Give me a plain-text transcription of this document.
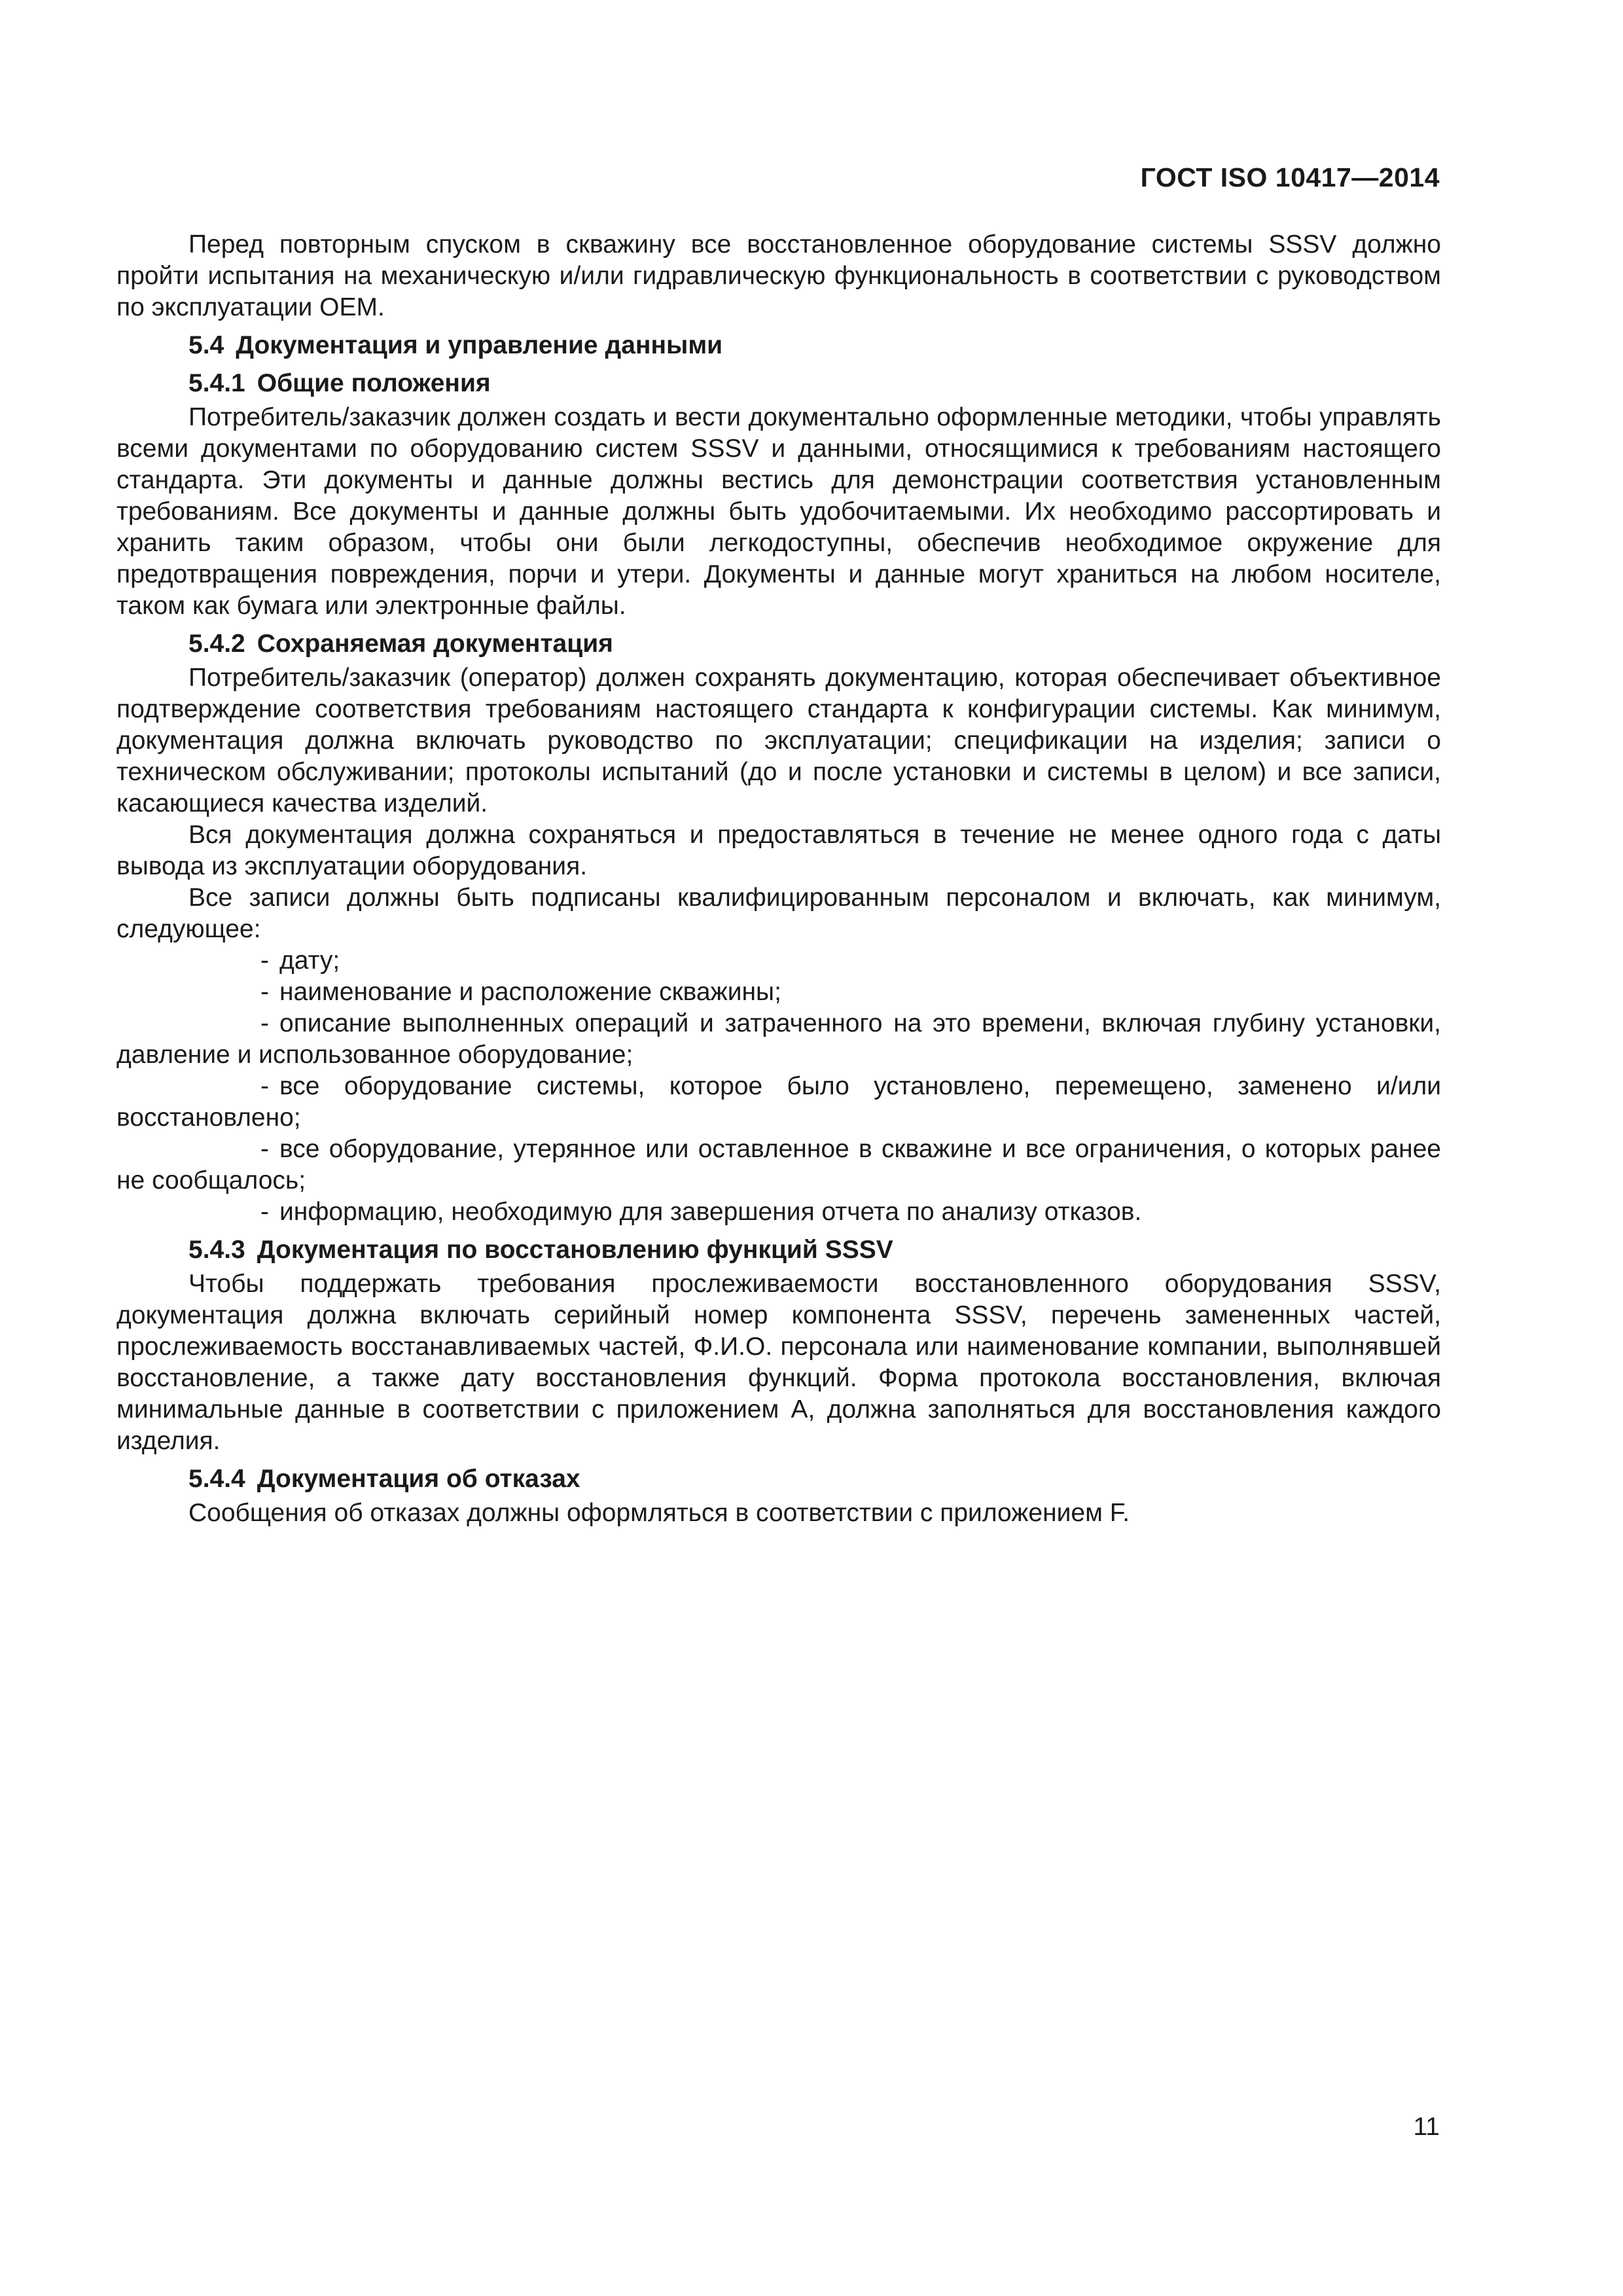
ГОСТ ISO 10417—2014

Перед повторным спуском в скважину все восстановленное оборудование системы SSSV должно пройти испытания на механическую и/или гидравлическую функциональность в соответствии с руководством по эксплуатации OEM.

5.4 Документация и управление данными
5.4.1 Общие положения

Потребитель/заказчик должен создать и вести документально оформленные методики, чтобы управлять всеми документами по оборудованию систем SSSV и данными, относящимися к требованиям настоящего стандарта. Эти документы и данные должны вестись для демонстрации соответствия установленным требованиям. Все документы и данные должны быть удобочитаемыми. Их необходимо рассортировать и хранить таким образом, чтобы они были легкодоступны, обеспечив необходимое окружение для предотвращения повреждения, порчи и утери. Документы и данные могут храниться на любом носителе, таком как бумага или электронные файлы.

5.4.2 Сохраняемая документация

Потребитель/заказчик (оператор) должен сохранять документацию, которая обеспечивает объективное подтверждение соответствия требованиям настоящего стандарта к конфигурации системы. Как минимум, документация должна включать руководство по эксплуатации; спецификации на изделия; записи о техническом обслуживании; протоколы испытаний (до и после установки и системы в целом) и все записи, касающиеся качества изделий.

Вся документация должна сохраняться и предоставляться в течение не менее одного года с даты вывода из эксплуатации оборудования.

Все записи должны быть подписаны квалифицированным персоналом и включать, как минимум, следующее:

- дату;
- наименование и расположение скважины;
- описание выполненных операций и затраченного на это времени, включая глубину установки, давление и использованное оборудование;
- все оборудование системы, которое было установлено, перемещено, заменено и/или восстановлено;
- все оборудование, утерянное или оставленное в скважине и все ограничения, о которых ранее не сообщалось;
- информацию, необходимую для завершения отчета по анализу отказов.
5.4.3 Документация по восстановлению функций SSSV

Чтобы поддержать требования прослеживаемости восстановленного оборудования SSSV, документация должна включать серийный номер компонента SSSV, перечень замененных частей, прослеживаемость восстанавливаемых частей, Ф.И.О. персонала или наименование компании, выполнявшей восстановление, а также дату восстановления функций. Форма протокола восстановления, включая минимальные данные в соответствии с приложением А, должна заполняться для восстановления каждого изделия.

5.4.4 Документация об отказах

Сообщения об отказах должны оформляться в соответствии с приложением F.

11
